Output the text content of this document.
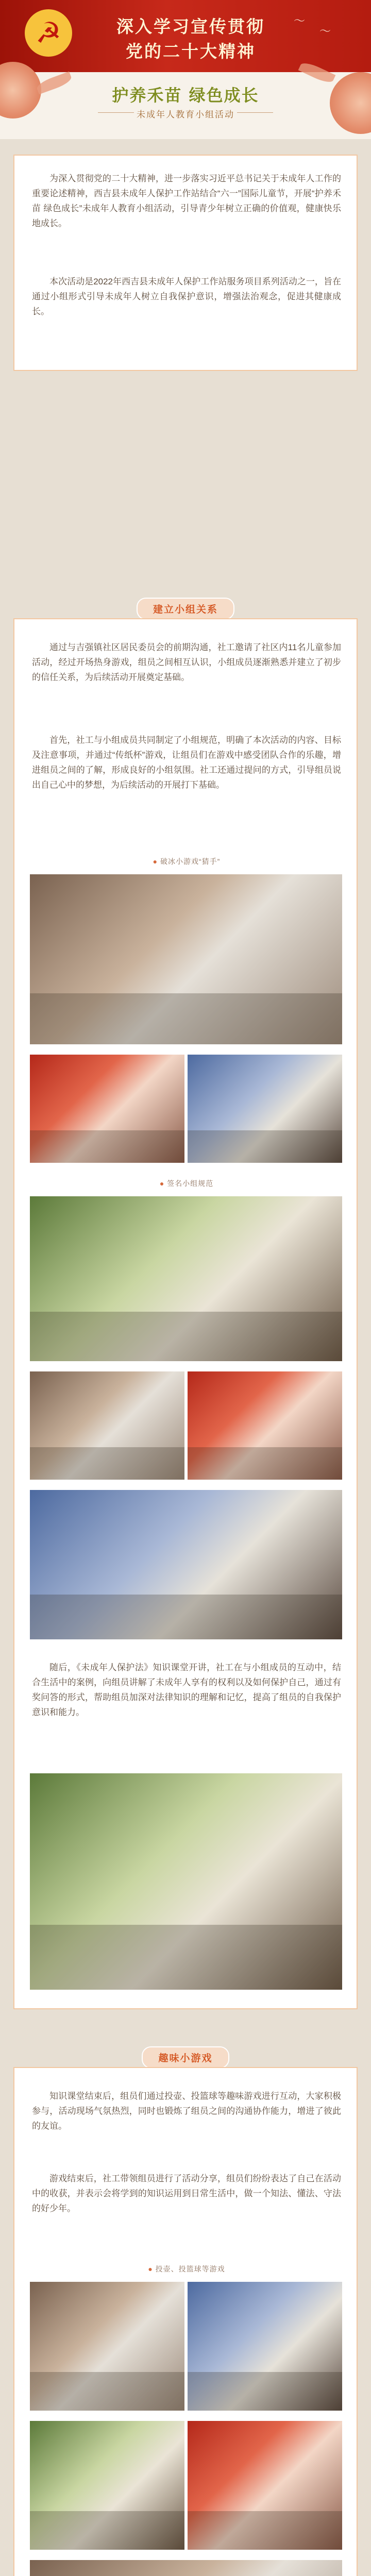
☭	深入学习宣传贯彻
党的二十大精神
〜
〜
护养禾苗 绿色成长
未成年人教育小组活动

为深入贯彻党的二十大精神，进一步落实习近平总书记关于未成年人工作的重要论述精神，西吉县未成年人保护工作站结合“六一”国际儿童节，开展“护养禾苗 绿色成长”未成年人教育小组活动，引导青少年树立正确的价值观，健康快乐地成长。

本次活动是2022年西吉县未成年人保护工作站服务项目系列活动之一，旨在通过小组形式引导未成年人树立自我保护意识，增强法治观念，促进其健康成长。

建立小组关系

通过与吉强镇社区居民委员会的前期沟通，社工邀请了社区内11名儿童参加活动，经过开场热身游戏，组员之间相互认识，小组成员逐渐熟悉并建立了初步的信任关系，为后续活动开展奠定基础。

首先，社工与小组成员共同制定了小组规范，明确了本次活动的内容、目标及注意事项，并通过“传纸杯”游戏，让组员们在游戏中感受团队合作的乐趣，增进组员之间的了解，形成良好的小组氛围。社工还通过提问的方式，引导组员说出自己心中的梦想，为后续活动的开展打下基础。

● 破冰小游戏“猜手”
● 签名小组规范

随后，《未成年人保护法》知识课堂开讲，社工在与小组成员的互动中，结合生活中的案例，向组员讲解了未成年人享有的权利以及如何保护自己，通过有奖问答的形式，帮助组员加深对法律知识的理解和记忆，提高了组员的自我保护意识和能力。

趣味小游戏

知识课堂结束后，组员们通过投壶、投篮球等趣味游戏进行互动，大家积极参与，活动现场气氛热烈，同时也锻炼了组员之间的沟通协作能力，增进了彼此的友谊。

游戏结束后，社工带领组员进行了活动分享，组员们纷纷表达了自己在活动中的收获，并表示会将学到的知识运用到日常生活中，做一个知法、懂法、守法的好少年。

● 投壶、投篮球等游戏
